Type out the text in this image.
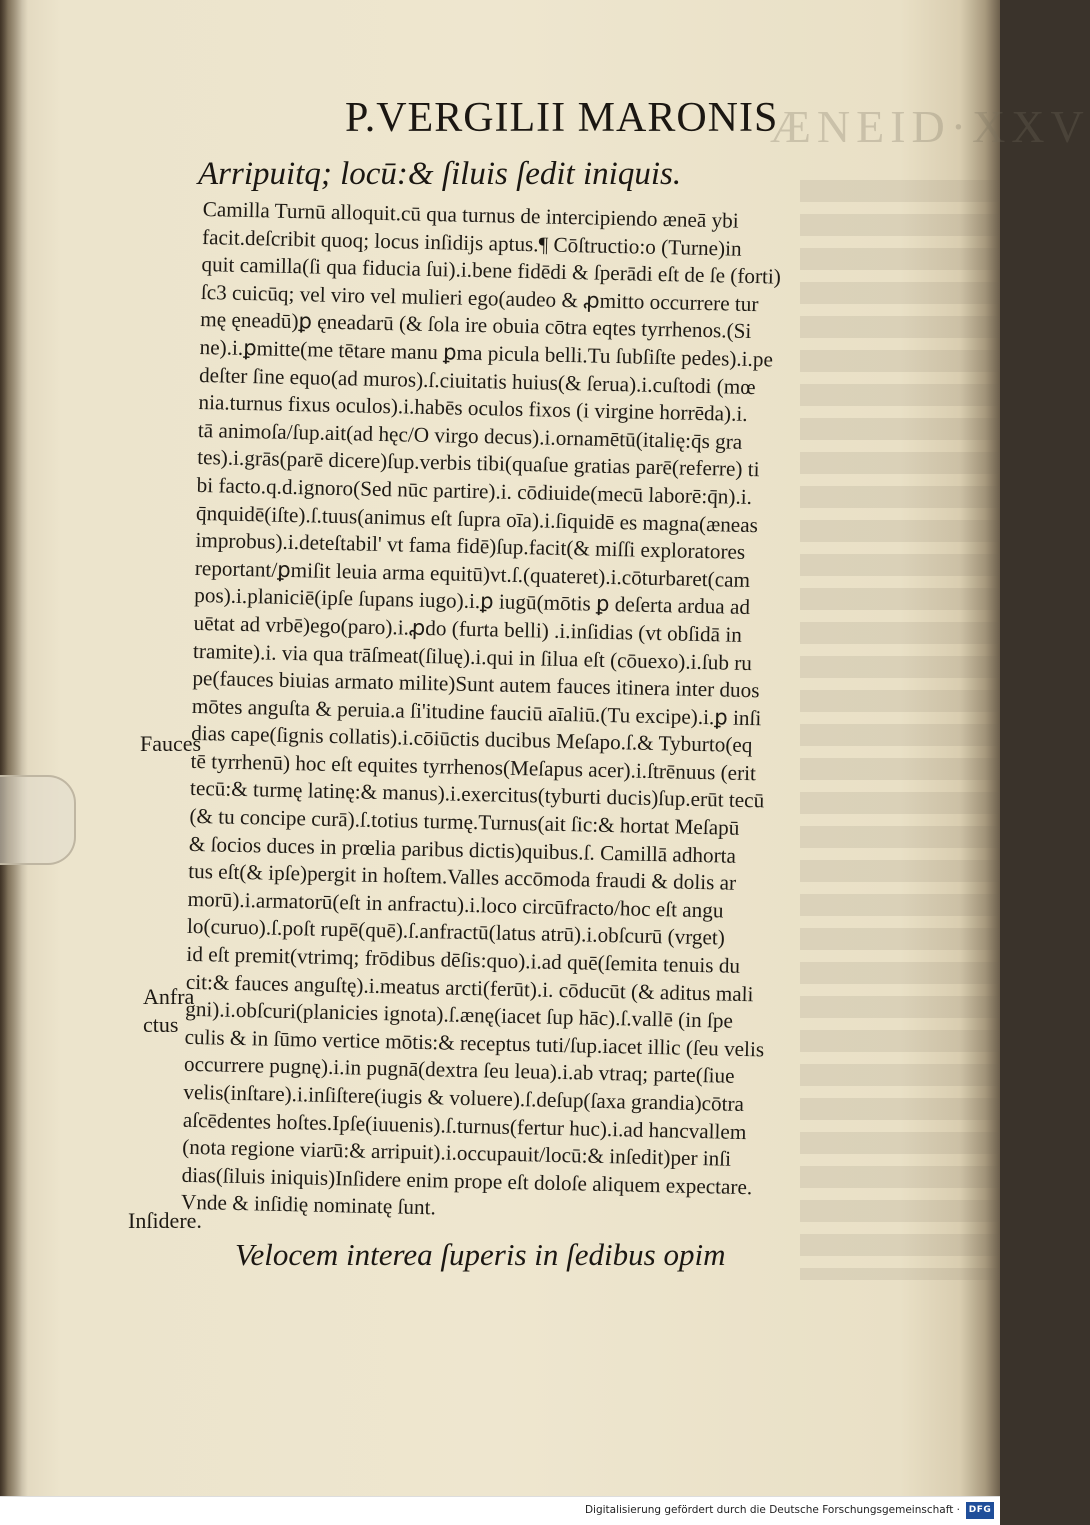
ÆNEID·XXV
P.VERGILII MARONIS
Arripuitq; locū:& ſiluis ſedit iniquis.
Camilla Turnū alloquit.cū qua turnus de intercipiendo æneā ybi
facit.deſcribit quoq; locus inſidijs aptus.¶ Cōſtructio:o (Turne)in
quit camilla(ſi qua fiducia ſui).i.bene fidēdi & ſperādi eſt de ſe (forti)
ſc3 cuicūq; vel viro vel mulieri ego(audeo & ꝓmitto occurrere tur
mę ęneadū)ꝑ ęneadarū (& ſola ire obuia cōtra eqtes tyrrhenos.(Si
ne).i.ꝑmitte(me tētare manu ꝑma picula belli.Tu ſubſiſte pedes).i.pe
deſter ſine equo(ad muros).ſ.ciuitatis huius(& ſerua).i.cuſtodi (mœ
nia.turnus fixus oculos).i.habēs oculos fixos (i virgine horrēda).i.
tā animoſa/ſup.ait(ad hęc/O virgo decus).i.ornamētū(italię:q̄s gra
tes).i.grās(parē dicere)ſup.verbis tibi(quaſue gratias parē(referre) ti
bi facto.q.d.ignoro(Sed nūc partire).i. cōdiuide(mecū laborē:q̄n).i.
q̄nquidē(iſte).ſ.tuus(animus eſt ſupra oīa).i.ſiquidē es magna(æneas
improbus).i.deteſtabil' vt fama fidē)ſup.facit(& miſſi exploratores
reportant/ꝑmiſit leuia arma equitū)vt.ſ.(quateret).i.cōturbaret(cam
pos).i.planiciē(ipſe ſupans iugo).i.ꝑ iugū(mōtis ꝑ deſerta ardua ad
uētat ad vrbē)ego(paro).i.ꝓdo (furta belli) .i.inſidias (vt obſidā in
tramite).i. via qua trāſmeat(ſiluę).i.qui in ſilua eſt (cōuexo).i.ſub ru
pe(fauces biuias armato milite)Sunt autem fauces itinera inter duos
mōtes anguſta & peruia.a ſi'itudine fauciū aīaliū.(Tu excipe).i.ꝑ inſi
dias cape(ſignis collatis).i.cōiūctis ducibus Meſapo.ſ.& Tyburto(eq
tē tyrrhenū) hoc eſt equites tyrrhenos(Meſapus acer).i.ſtrēnuus (erit
tecū:& turmę latinę:& manus).i.exercitus(tyburti ducis)ſup.erūt tecū
(& tu concipe curā).ſ.totius turmę.Turnus(ait ſic:& hortat Meſapū
& ſocios duces in prœlia paribus dictis)quibus.ſ. Camillā adhorta
tus eſt(& ipſe)pergit in hoſtem.Valles accōmoda fraudi & dolis ar
morū).i.armatorū(eſt in anfractu).i.loco circūfracto/hoc eſt angu
lo(curuo).ſ.poſt rupē(quē).ſ.anfractū(latus atrū).i.obſcurū (vrget)
id eſt premit(vtrimq; frōdibus dēſis:quo).i.ad quē(ſemita tenuis du
cit:& fauces anguſtę).i.meatus arcti(ferūt).i. cōducūt (& aditus mali
gni).i.obſcuri(planicies ignota).ſ.ænę(iacet ſup hāc).ſ.vallē (in ſpe
culis & in ſūmo vertice mōtis:& receptus tuti/ſup.iacet illic (ſeu velis
occurrere pugnę).i.in pugnā(dextra ſeu leua).i.ab vtraq; parte(ſiue
velis(inſtare).i.inſiſtere(iugis & voluere).ſ.deſup(ſaxa grandia)cōtra
aſcēdentes hoſtes.Ipſe(iuuenis).ſ.turnus(fertur huc).i.ad hancvallem
(nota regione viarū:& arripuit).i.occupauit/locū:& inſedit)per inſi
dias(ſiluis iniquis)Inſidere enim prope eſt doloſe aliquem expectare.
Vnde & inſidię nominatę ſunt.
Velocem interea ſuperis in ſedibus opim
Fauces
Anfra
ctus
Inſidere.
Digitalisierung gefördert durch die Deutsche Forschungsgemeinschaft · DFG
